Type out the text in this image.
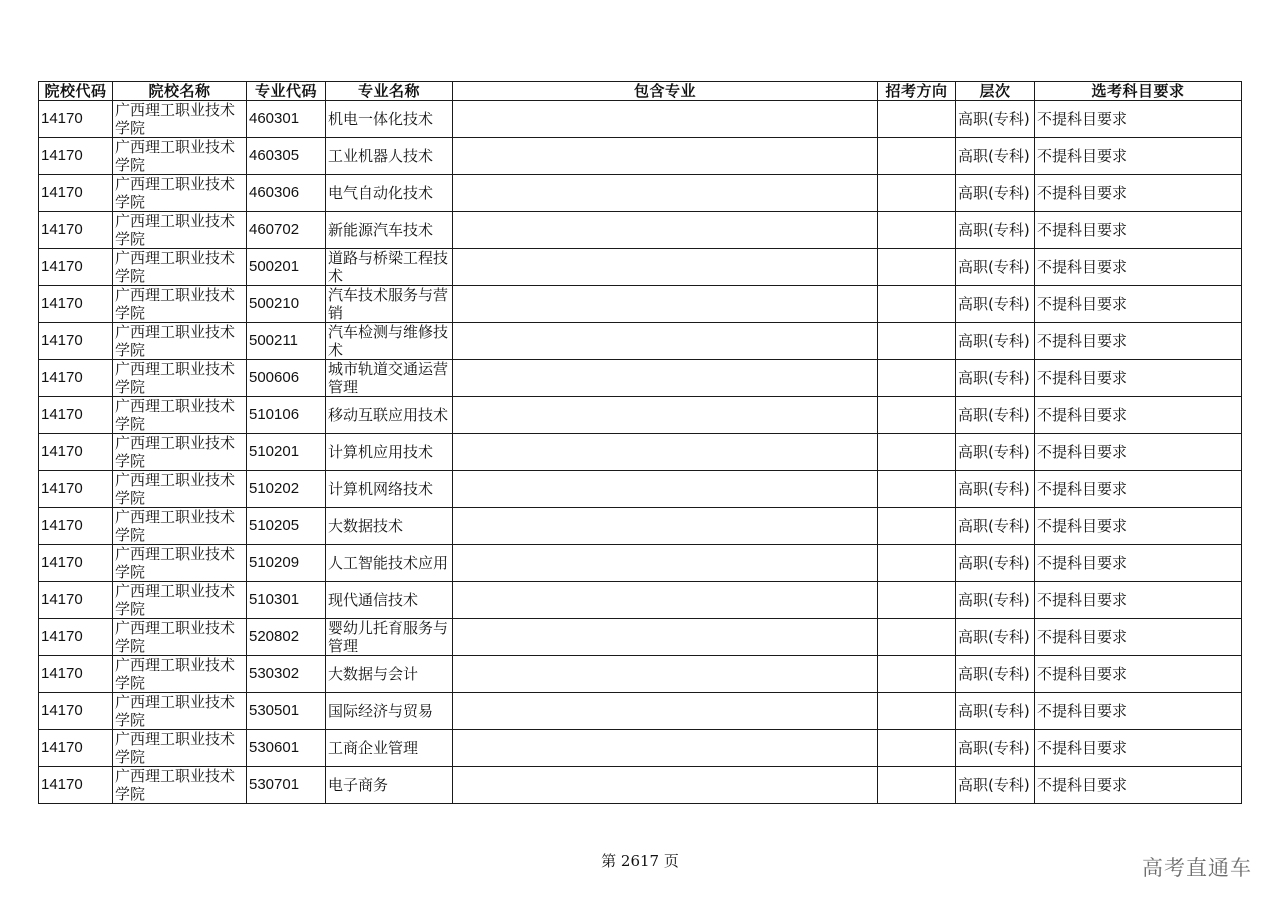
院校代码	院校名称	专业代码	专业名称	包含专业	招考方向	层次	选考科目要求
14170	广西理工职业技术学院	460301	机电一体化技术			高职(专科)	不提科目要求
14170	广西理工职业技术学院	460305	工业机器人技术			高职(专科)	不提科目要求
14170	广西理工职业技术学院	460306	电气自动化技术			高职(专科)	不提科目要求
14170	广西理工职业技术学院	460702	新能源汽车技术			高职(专科)	不提科目要求
14170	广西理工职业技术学院	500201	道路与桥梁工程技术			高职(专科)	不提科目要求
14170	广西理工职业技术学院	500210	汽车技术服务与营销			高职(专科)	不提科目要求
14170	广西理工职业技术学院	500211	汽车检测与维修技术			高职(专科)	不提科目要求
14170	广西理工职业技术学院	500606	城市轨道交通运营管理			高职(专科)	不提科目要求
14170	广西理工职业技术学院	510106	移动互联应用技术			高职(专科)	不提科目要求
14170	广西理工职业技术学院	510201	计算机应用技术			高职(专科)	不提科目要求
14170	广西理工职业技术学院	510202	计算机网络技术			高职(专科)	不提科目要求
14170	广西理工职业技术学院	510205	大数据技术			高职(专科)	不提科目要求
14170	广西理工职业技术学院	510209	人工智能技术应用			高职(专科)	不提科目要求
14170	广西理工职业技术学院	510301	现代通信技术			高职(专科)	不提科目要求
14170	广西理工职业技术学院	520802	婴幼儿托育服务与管理			高职(专科)	不提科目要求
14170	广西理工职业技术学院	530302	大数据与会计			高职(专科)	不提科目要求
14170	广西理工职业技术学院	530501	国际经济与贸易			高职(专科)	不提科目要求
14170	广西理工职业技术学院	530601	工商企业管理			高职(专科)	不提科目要求
14170	广西理工职业技术学院	530701	电子商务			高职(专科)	不提科目要求
第 2617 页	高考直通车
